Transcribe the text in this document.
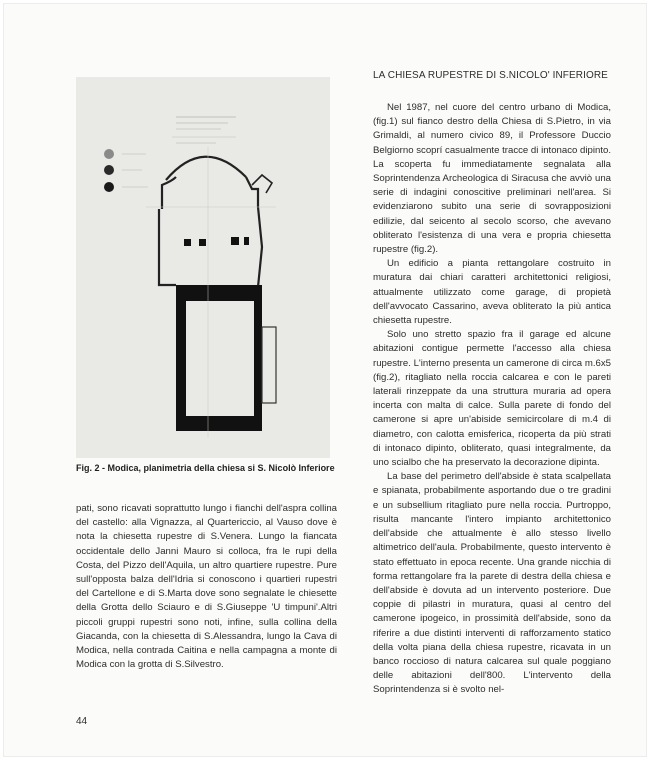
Fig. 2 - Modica, planimetria della chiesa si S. Nicolò Inferiore

pati, sono ricavati soprattutto lungo i fianchi dell'aspra collina del castello: alla Vignazza, al Quartericcio, al Vauso dove è nota la chiesetta rupestre di S.Venera. Lungo la fiancata occidentale dello Janni Mauro si colloca, fra le rupi della Costa, del Pizzo dell'Aquila, un altro quartiere rupestre. Pure sull'opposta balza dell'Idria si conoscono i quartieri rupestri del Cartellone e di S.Marta dove sono segnalate le chiesette della Grotta dello Sciauro e di S.Giuseppe 'U timpuni'.Altri piccoli gruppi rupestri sono noti, infine, sulla collina della Giacanda, con la chiesetta di S.Alessandra, lungo la Cava di Modica, nella contrada Caitina e nella campagna a monte di Modica con la grotta di S.Silvestro.

LA CHIESA RUPESTRE DI S.NICOLO' INFERIORE

Nel 1987, nel cuore del centro urbano di Modica, (fig.1) sul fianco destro della Chiesa di S.Pietro, in via Grimaldi, al numero civico 89, il Professore Duccio Belgiorno scoprí casualmente tracce di intonaco dipinto. La scoperta fu immediatamente segnalata alla Soprintendenza Archeologica di Siracusa che avviò una serie di indagini conoscitive preliminari nell'area. Si evidenziarono subito una serie di sovrapposizioni edilizie, dal seicento al secolo scorso, che avevano obliterato l'esistenza di una vera e propria chiesetta rupestre (fig.2).

Un edificio a pianta rettangolare costruito in muratura dai chiari caratteri architettonici religiosi, attualmente utilizzato come garage, di propietà dell'avvocato Cassarino, aveva obliterato la più antica chiesetta rupestre.

Solo uno stretto spazio fra il garage ed alcune abitazioni contigue permette l'accesso alla chiesa rupestre. L'interno presenta un camerone di circa m.6x5 (fig.2), ritagliato nella roccia calcarea e con le pareti laterali rinzeppate da una struttura muraria ad opera incerta con malta di calce. Sulla parete di fondo del camerone si apre un'abiside semicircolare di m.4 di diametro, con calotta emisferica, ricoperta da più strati di intonaco dipinto, obliterato, quasi integralmente, da uno scialbo che ha preservato la decorazione dipinta.

La base del perimetro dell'abside è stata scalpellata e spianata, probabilmente asportando due o tre gradini e un subsellium ritagliato pure nella roccia. Purtroppo, risulta mancante l'intero impianto architettonico dell'abside che attualmente è allo stesso livello altimetrico dell'aula. Probabilmente, questo intervento è stato effettuato in epoca recente. Una grande nicchia di forma rettangolare fra la parete di destra della chiesa e dell'abside è dovuta ad un intervento posteriore. Due coppie di pilastri in muratura, quasi al centro del camerone ipogeico, in prossimità dell'abside, sono da riferire a due distinti interventi di rafforzamento statico della volta piana della chiesa rupestre, ricavata in un banco roccioso di natura calcarea sul quale poggiano delle abitazioni dell'800. L'intervento della Soprintendenza si è svolto nel-

44
